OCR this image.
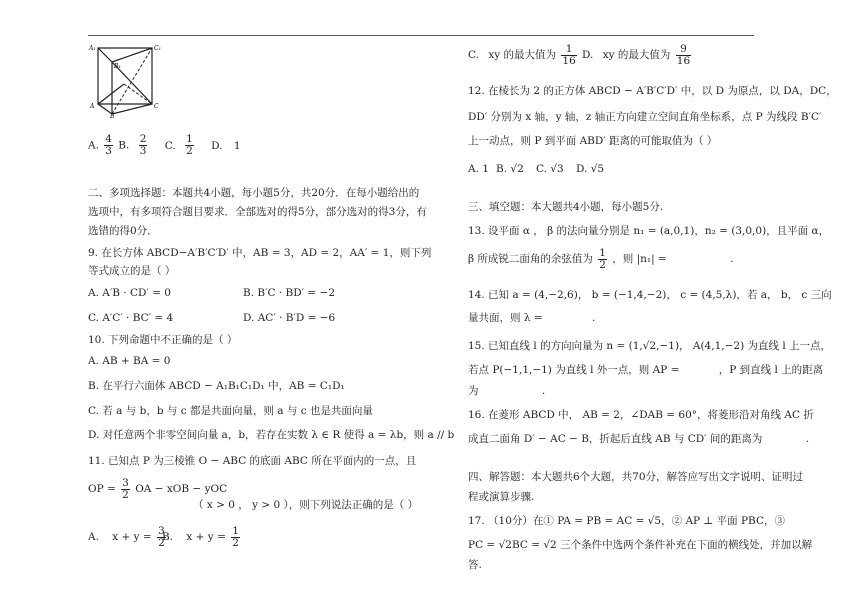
A₁	C₁
B₁
A	C
B
A. $\frac{4}{3} B$. $\frac{2}{3} C$. $\frac{1}{2} D$. 1
二、多项选择题：本题共4小题，每小题5分，共20分．在每小题给出的
选项中，有多项符合题目要求．全部选对的得5分，部分选对的得3分，有
选错的得0分．
9. 在长方体 ABCD−A′B′C′D′ 中，AB = 3，AD = 2，AA′ = 1，则下列
等式成立的是（ ）
A. A′B · CD′ = 0	B. B′C · BD′ = −2
C. A′C′ · BC′ = 4	D. AC′ · B′D = −6
10. 下列命题中不正确的是（ ）
A. AB + BA = 0
B. 在平行六面体 ABCD − A₁B₁C₁D₁ 中，AB = C₁D₁
C. 若 a 与 b，b 与 c 都是共面向量，则 a 与 c 也是共面向量
D. 对任意两个非零空间向量 a，b，若存在实数 λ ∈ R 使得 a = λb，则 a // b
11. 已知点 P 为三棱锥 O − ABC 的底面 ABC 所在平面内的一点，且
OP = $\frac{3}{2}$ OA − xOB − yOC
（ x > 0 ， y > 0 ），则下列说法正确的是（ ）
A. $x + y = \frac{3}{2}$
B. $x + y = \frac{1}{2}$
C. xy 的最大值为 $\frac{1}{16} D$. xy 的最大值为 $\frac{9}{16}$
12. 在棱长为 2 的正方体 ABCD − A′B′C′D′ 中，以 D 为原点，以 DA，DC，
DD′ 分别为 x 轴，y 轴，z 轴正方向建立空间直角坐标系，点 P 为线段 B′C′
上一动点，则 P 到平面 ABD′ 距离的可能取值为（ ）
A. 1 B. √2 C. √3 D. √5
三、填空题：本大题共4小题，每小题5分.
13. 设平面 α ， β 的法向量分别是 n₁ = (a,0,1)，n₂ = (3,0,0)，且平面 α，
β 所成锐二面角的余弦值为 $\frac{1}{2}$ ，则 |n₁| =	.
14. 已知 a = (4,−2,6)， b = (−1,4,−2)， c = (4,5,λ)，若 a， b， c 三向
量共面，则 λ =	.
15. 已知直线 l 的方向向量为 n = (1,√2,−1)， A(4,1,−2) 为直线 l 上一点，
若点 P(−1,1,−1) 为直线 l 外一点，则 AP =	，P 到直线 l 上的距离
为	.
16. 在菱形 ABCD 中， AB = 2，∠DAB = 60°，将菱形沿对角线 AC 折
成直二面角 D′ − AC − B，折起后直线 AB 与 CD′ 间的距离为	.
四、解答题：本大题共6个大题，共70分，解答应写出文字说明、证明过
程或演算步骤.
17. （10分）在① PA = PB = AC = √5，② AP ⊥ 平面 PBC，③
PC = √2BC = √2 三个条件中选两个条件补充在下面的横线处，并加以解
答.
